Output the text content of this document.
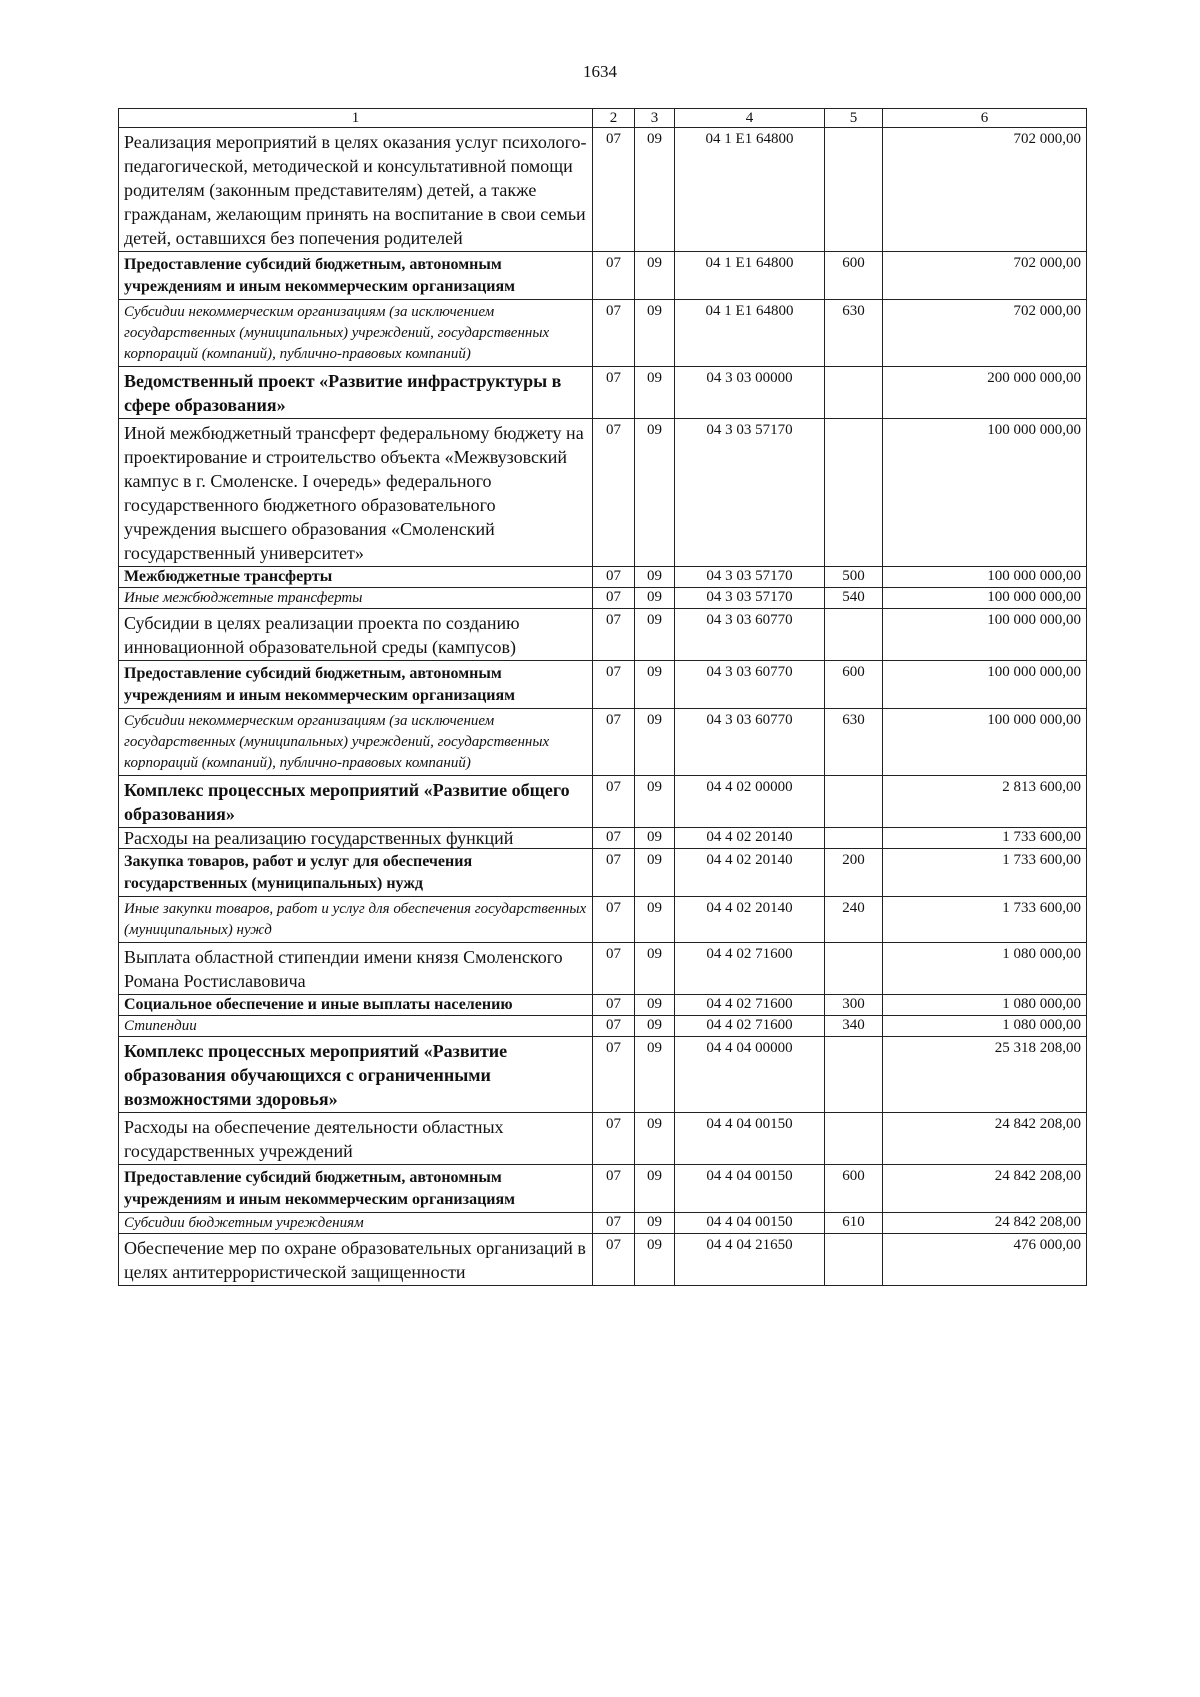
1634
1	2	3	4	5	6
Реализация мероприятий в целях оказания услуг психолого-педагогической, методической и консультативной помощи родителям (законным представителям) детей, а также гражданам, желающим принять на воспитание в свои семьи детей, оставшихся без попечения родителей	07	09	04 1 E1 64800		702 000,00
Предоставление субсидий бюджетным, автономным учреждениям и иным некоммерческим организациям	07	09	04 1 E1 64800	600	702 000,00
Субсидии некоммерческим организациям (за исключением государственных (муниципальных) учреждений, государственных корпораций (компаний), публично-правовых компаний)	07	09	04 1 E1 64800	630	702 000,00
Ведомственный проект «Развитие инфраструктуры в сфере образования»	07	09	04 3 03 00000		200 000 000,00
Иной межбюджетный трансферт федеральному бюджету на проектирование и строительство объекта «Межвузовский кампус в г. Смоленске. I очередь» федерального государственного бюджетного образовательного учреждения высшего образования «Смоленский государственный университет»	07	09	04 3 03 57170		100 000 000,00
Межбюджетные трансферты	07	09	04 3 03 57170	500	100 000 000,00
Иные межбюджетные трансферты	07	09	04 3 03 57170	540	100 000 000,00
Субсидии в целях реализации проекта по созданию инновационной образовательной среды (кампусов)	07	09	04 3 03 60770		100 000 000,00
Предоставление субсидий бюджетным, автономным учреждениям и иным некоммерческим организациям	07	09	04 3 03 60770	600	100 000 000,00
Субсидии некоммерческим организациям (за исключением государственных (муниципальных) учреждений, государственных корпораций (компаний), публично-правовых компаний)	07	09	04 3 03 60770	630	100 000 000,00
Комплекс процессных мероприятий «Развитие общего образования»	07	09	04 4 02 00000		2 813 600,00
Расходы на реализацию государственных функций	07	09	04 4 02 20140		1 733 600,00
Закупка товаров, работ и услуг для обеспечения государственных (муниципальных) нужд	07	09	04 4 02 20140	200	1 733 600,00
Иные закупки товаров, работ и услуг для обеспечения государственных (муниципальных) нужд	07	09	04 4 02 20140	240	1 733 600,00
Выплата областной стипендии имени князя Смоленского Романа Ростиславовича	07	09	04 4 02 71600		1 080 000,00
Социальное обеспечение и иные выплаты населению	07	09	04 4 02 71600	300	1 080 000,00
Стипендии	07	09	04 4 02 71600	340	1 080 000,00
Комплекс процессных мероприятий «Развитие образования обучающихся с ограниченными возможностями здоровья»	07	09	04 4 04 00000		25 318 208,00
Расходы на обеспечение деятельности областных государственных учреждений	07	09	04 4 04 00150		24 842 208,00
Предоставление субсидий бюджетным, автономным учреждениям и иным некоммерческим организациям	07	09	04 4 04 00150	600	24 842 208,00
Субсидии бюджетным учреждениям	07	09	04 4 04 00150	610	24 842 208,00
Обеспечение мер по охране образовательных организаций в целях антитеррористической защищенности	07	09	04 4 04 21650		476 000,00
